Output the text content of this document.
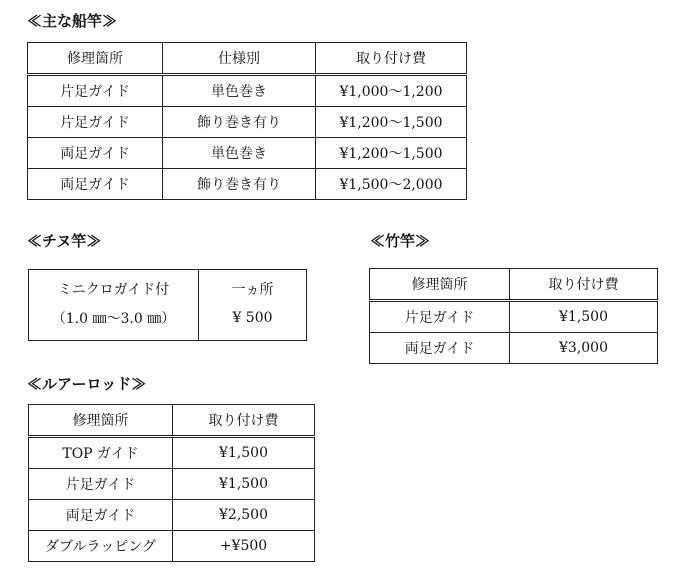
≪主な船竿≫
修理箇所	仕様別	取り付け費
片足ガイド	単色巻き	¥1,000～1,200
片足ガイド	飾り巻き有り	¥1,200～1,500
両足ガイド	単色巻き	¥1,200～1,500
両足ガイド	飾り巻き有り	¥1,500～2,000
≪チヌ竿≫
ミニクロガイド付	一ヵ所
（1.0 ㎜～3.0 ㎜）	¥ 500
≪竹竿≫
修理箇所	取り付け費
片足ガイド	¥1,500
両足ガイド	¥3,000
≪ルアーロッド≫
修理箇所	取り付け費
TOP ガイド	¥1,500
片足ガイド	¥1,500
両足ガイド	¥2,500
ダブルラッピング	+¥500
